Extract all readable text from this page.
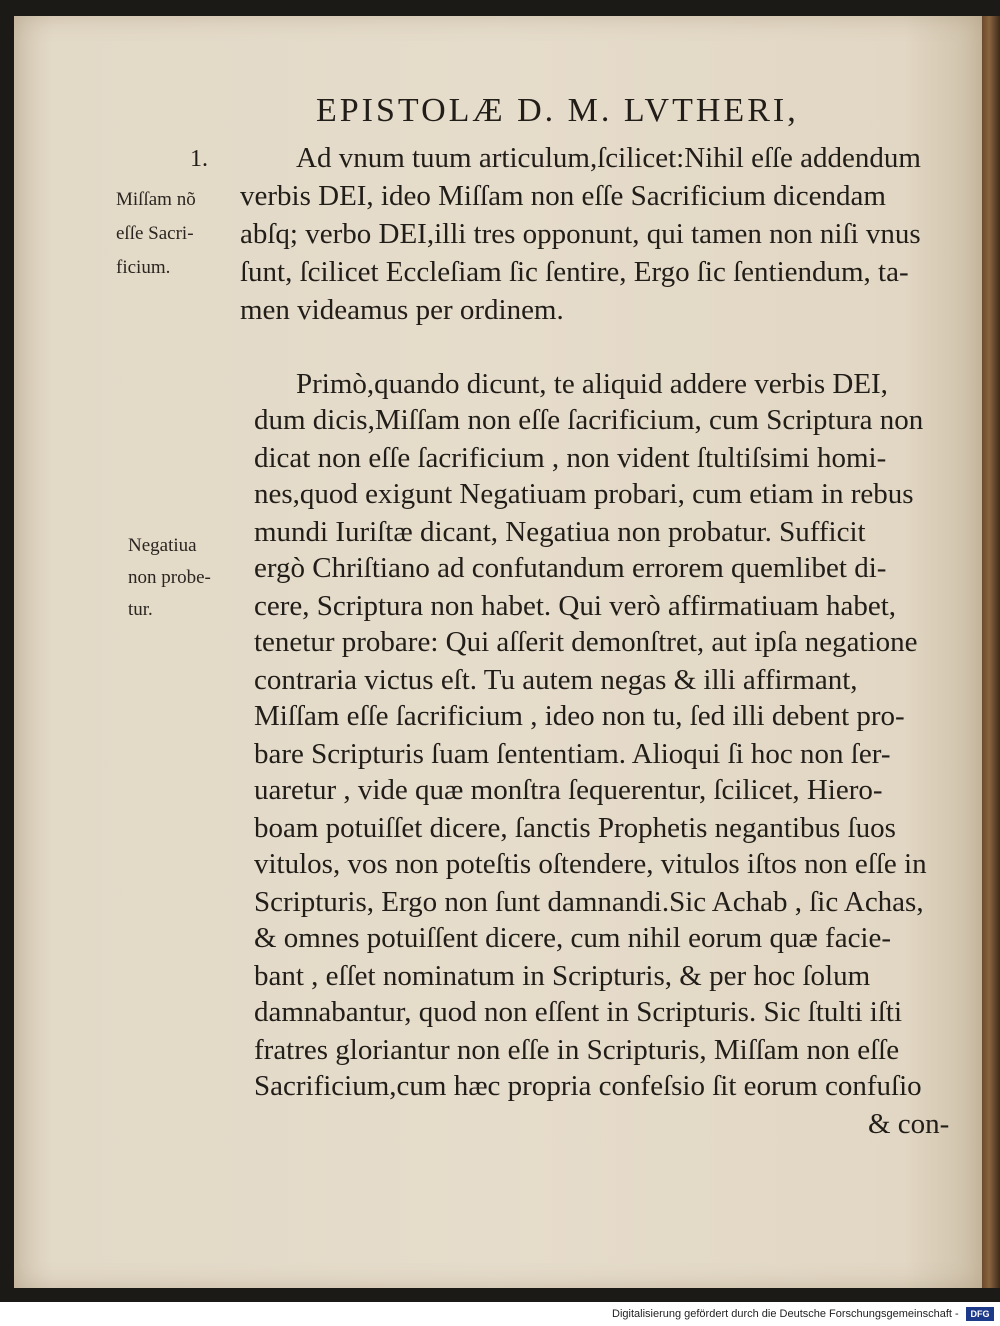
EPISTOLÆ D. M. LVTHERI,
1.
Miſſam nõ
eſſe Sacri-
ficium.
Negatiua
non probe-
tur.
Ad vnum tuum articulum,ſcilicet:Nihil eſſe addendum
verbis DEI, ideo Miſſam non eſſe Sacrificium dicendam
abſq; verbo DEI,illi tres opponunt, qui tamen non niſi vnus
ſunt, ſcilicet Eccleſiam ſic ſentire, Ergo ſic ſentiendum, ta-
men videamus per ordinem.
Primò,quando dicunt, te aliquid addere verbis DEI,
dum dicis,Miſſam non eſſe ſacrificium, cum Scriptura non
dicat non eſſe ſacrificium , non vident ſtultiſsimi homi-
nes,quod exigunt Negatiuam probari, cum etiam in rebus
mundi Iuriſtæ dicant, Negatiua non probatur. Sufficit
ergò Chriſtiano ad confutandum errorem quemlibet di-
cere, Scriptura non habet. Qui verò affirmatiuam habet,
tenetur probare: Qui aſſerit demonſtret, aut ipſa negatione
contraria victus eſt. Tu autem negas & illi affirmant,
Miſſam eſſe ſacrificium , ideo non tu, ſed illi debent pro-
bare Scripturis ſuam ſententiam. Alioqui ſi hoc non ſer-
uaretur , vide quæ monſtra ſequerentur, ſcilicet, Hiero-
boam potuiſſet dicere, ſanctis Prophetis negantibus ſuos
vitulos, vos non poteſtis oſtendere, vitulos iſtos non eſſe in
Scripturis, Ergo non ſunt damnandi.Sic Achab , ſic Achas,
& omnes potuiſſent dicere, cum nihil eorum quæ facie-
bant , eſſet nominatum in Scripturis, & per hoc ſolum
damnabantur, quod non eſſent in Scripturis. Sic ſtulti iſti
fratres gloriantur non eſſe in Scripturis, Miſſam non eſſe
Sacrificium,cum hæc propria confeſsio ſit eorum confuſio
& con-
Digitalisierung gefördert durch die Deutsche Forschungsgemeinschaft -	DFG
